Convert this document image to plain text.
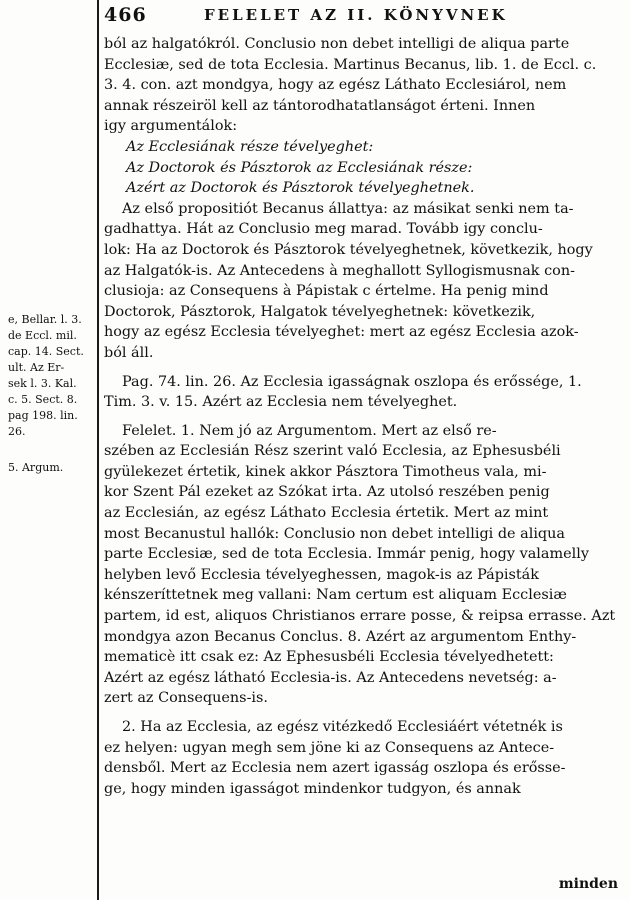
466	FELELET AZ II. KÖNYVNEK
ból az halgatókról. Conclusio non debet intelligi de aliqua parte
Ecclesiæ, sed de tota Ecclesia. Martinus Becanus, lib. 1. de Eccl. c.
3. 4. con. azt mondgya, hogy az egész Láthato Ecclesiárol, nem
annak részeiröl kell az tántorodhatatlanságot érteni. Innen
igy argumentálok:
Az Ecclesiának része tévelyeghet:
Az Doctorok és Pásztorok az Ecclesiának része:
Azért az Doctorok és Pásztorok tévelyeghetnek.
Az első propositiót Becanus állattya: az másikat senki nem ta-
gadhattya. Hát az Conclusio meg marad. Tovább igy conclu-
lok: Ha az Doctorok és Pásztorok tévelyeghetnek, következik, hogy
az Halgatók-is. Az Antecedens à meghallott Syllogismusnak con-
clusioja: az Consequens à Pápistak c értelme. Ha penig mind
Doctorok, Pásztorok, Halgatok tévelyeghetnek: következik,
hogy az egész Ecclesia tévelyeghet: mert az egész Ecclesia azok-
ból áll.
Pag. 74. lin. 26. Az Ecclesia igasságnak oszlopa és erőssége, 1.
Tim. 3. v. 15. Azért az Ecclesia nem tévelyeghet.
Felelet. 1. Nem jó az Argumentom. Mert az első re-
szében az Ecclesián Rész szerint való Ecclesia, az Ephesusbéli
gyülekezet értetik, kinek akkor Pásztora Timotheus vala, mi-
kor Szent Pál ezeket az Szókat irta. Az utolsó reszében penig
az Ecclesián, az egész Láthato Ecclesia értetik. Mert az mint
most Becanustul hallók: Conclusio non debet intelligi de aliqua
parte Ecclesiæ, sed de tota Ecclesia. Immár penig, hogy valamelly
helyben levő Ecclesia tévelyeghessen, magok-is az Pápisták
kénszeríttetnek meg vallani: Nam certum est aliquam Ecclesiæ
partem, id est, aliquos Christianos errare posse, & reipsa errasse. Azt
mondgya azon Becanus Conclus. 8. Azért az argumentom Enthy-
mematicè itt csak ez: Az Ephesusbéli Ecclesia tévelyedhetett:
Azért az egész látható Ecclesia-is. Az Antecedens nevetség: a-
zert az Consequens-is.
2. Ha az Ecclesia, az egész vitézkedő Ecclesiáért vétetnék is
ez helyen: ugyan megh sem jöne ki az Consequens az Antece-
densből. Mert az Ecclesia nem azert igasság oszlopa és erősse-
ge, hogy minden igasságot mindenkor tudgyon, és annak
e, Bellar. l. 3.
de Eccl. mil.
cap. 14. Sect.
ult. Az Er-
sek l. 3. Kal.
c. 5. Sect. 8.
pag 198. lin.
26.
5. Argum.
minden
